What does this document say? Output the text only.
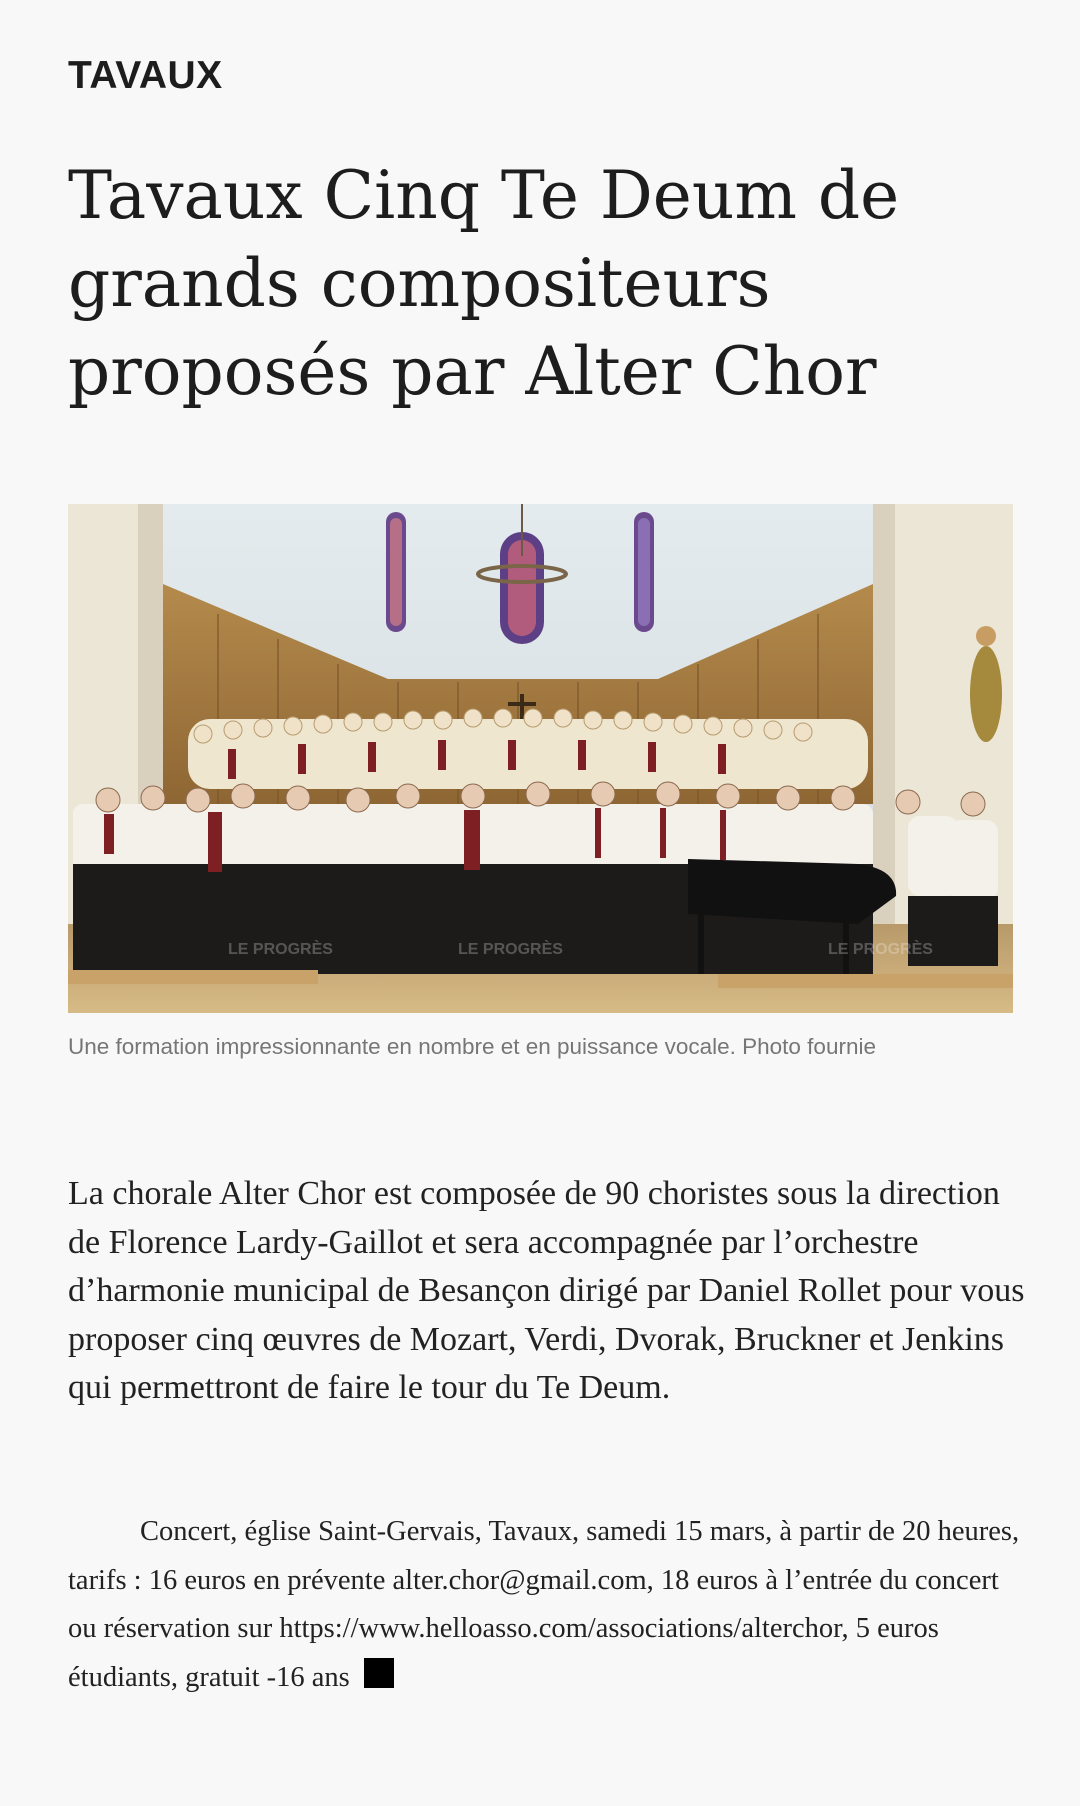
TAVAUX
Tavaux Cinq Te Deum de grands compositeurs proposés par Alter Chor
LE PROGRÈS	LE PROGRÈS	LE PROGRÈS
Une formation impressionnante en nombre et en puissance vocale. Photo fournie

La chorale Alter Chor est composée de 90 choristes sous la direction de Florence Lardy-Gaillot et sera accompagnée par l’orchestre d’harmonie municipal de Besançon dirigé par Daniel Rollet pour vous proposer cinq œuvres de Mozart, Verdi, Dvorak, Bruckner et Jenkins qui permettront de faire le tour du Te Deum.

Concert, église Saint-Gervais, Tavaux, samedi 15 mars, à partir de 20 heures, tarifs : 16 euros en prévente alter.chor@gmail.com, 18 euros à l’entrée du concert ou réservation sur https://www.helloasso.com/associations/alterchor, 5 euros étudiants, gratuit -16 ans
